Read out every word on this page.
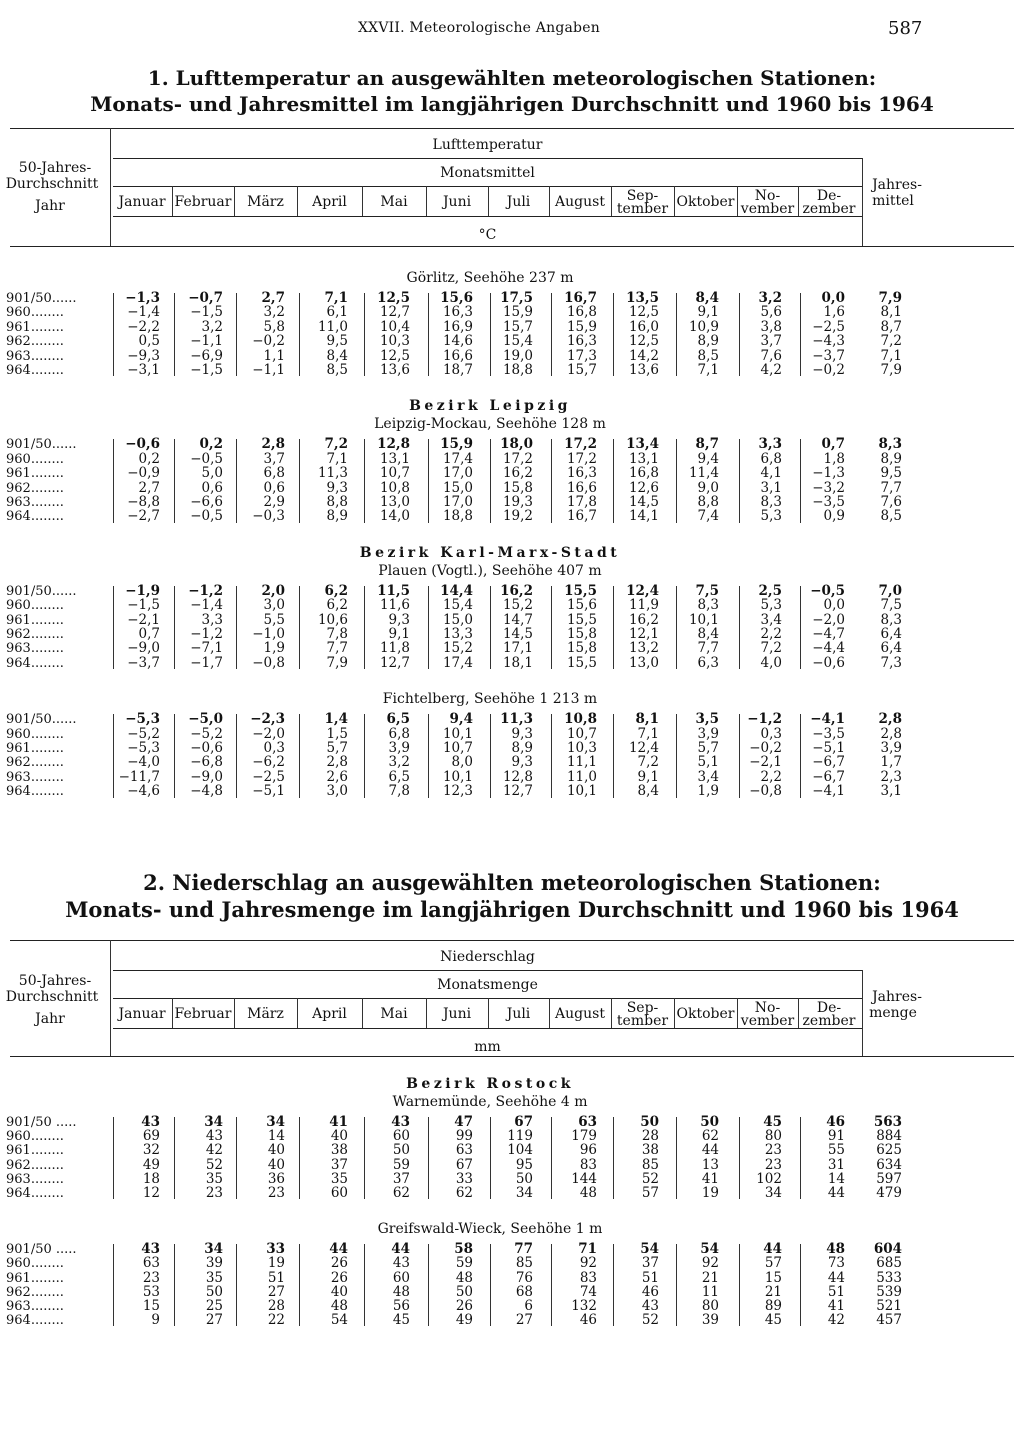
XXVII. Meteorologische Angaben	587
1. Lufttemperatur an ausgewählten meteorologischen Stationen:
Monats- und Jahresmittel im langjährigen Durchschnitt und 1960 bis 1964
Lufttemperatur
Monatsmittel
°C
50-Jahres-
Durchschnitt
Jahr
Jahres-
mittel
Januar Februar	März	April	Mai	Juni	Juli	August	Sep-
tember Oktober	No-
vember
De-
zember
Görlitz, Seehöhe 237 m
901/50......	−1,3 −0,7	2,7	7,1 12,5 15,6 17,5 16,7 13,5	8,4	3,2	0,0 7,9
960........	−1,4 −1,5	3,2	6,1 12,7 16,3 15,9	16,8 12,5	9,1	5,6	1,6	8,1
961........	−2,2	3,2	5,8 11,0 10,4 16,9 15,7	15,9 16,0 10,9	3,8 −2,5	8,7
962........	0,5 −1,1 −0,2	9,5 10,3 14,6 15,4	16,3 12,5	8,9	3,7 −4,3	7,2
963........	−9,3 −6,9	1,1	8,4 12,5 16,6 19,0	17,3 14,2	8,5	7,6 −3,7	7,1
964........	−3,1 −1,5 −1,1	8,5 13,6 18,7 18,8	15,7 13,6	7,1	4,2 −0,2	7,9
Bezirk Leipzig
Leipzig-Mockau, Seehöhe 128 m
901/50......	−0,6	0,2	2,8	7,2 12,8 15,9 18,0 17,2 13,4	8,7	3,3	0,7 8,3
960........	0,2 −0,5	3,7	7,1 13,1 17,4 17,2	17,2 13,1	9,4	6,8	1,8	8,9
961........	−0,9	5,0	6,8 11,3 10,7 17,0 16,2	16,3 16,8 11,4	4,1 −1,3	9,5
962........	2,7	0,6	0,6	9,3 10,8 15,0 15,8	16,6 12,6	9,0	3,1 −3,2	7,7
963........	−8,8 −6,6	2,9	8,8 13,0 17,0 19,3	17,8 14,5	8,8	8,3 −3,5	7,6
964........	−2,7 −0,5 −0,3	8,9 14,0 18,8 19,2	16,7 14,1	7,4	5,3	0,9	8,5
Bezirk Karl-Marx-Stadt
Plauen (Vogtl.), Seehöhe 407 m
901/50......	−1,9 −1,2	2,0	6,2 11,5 14,4 16,2 15,5 12,4	7,5	2,5 −0,5 7,0
960........	−1,5 −1,4	3,0	6,2 11,6 15,4 15,2	15,6 11,9	8,3	5,3	0,0	7,5
961........	−2,1	3,3	5,5 10,6	9,3 15,0 14,7	15,5 16,2 10,1	3,4 −2,0	8,3
962........	0,7 −1,2 −1,0	7,8	9,1 13,3 14,5	15,8 12,1	8,4	2,2 −4,7	6,4
963........	−9,0 −7,1	1,9	7,7 11,8 15,2 17,1	15,8 13,2	7,7	7,2 −4,4	6,4
964........	−3,7 −1,7 −0,8	7,9 12,7 17,4 18,1	15,5 13,0	6,3	4,0 −0,6	7,3
Fichtelberg, Seehöhe 1 213 m
901/50......	−5,3 −5,0 −2,3	1,4	6,5	9,4 11,3 10,8	8,1	3,5 −1,2 −4,1 2,8
960........	−5,2 −5,2 −2,0	1,5	6,8 10,1	9,3	10,7	7,1	3,9	0,3 −3,5	2,8
961........	−5,3 −0,6	0,3	5,7	3,9 10,7	8,9	10,3 12,4	5,7 −0,2 −5,1	3,9
962........	−4,0 −6,8 −6,2	2,8	3,2	8,0	9,3	11,1	7,2	5,1 −2,1 −6,7	1,7
963........	−11,7 −9,0 −2,5	2,6	6,5 10,1 12,8	11,0	9,1	3,4	2,2 −6,7	2,3
964........	−4,6 −4,8 −5,1	3,0	7,8 12,3 12,7	10,1	8,4	1,9 −0,8 −4,1	3,1
2. Niederschlag an ausgewählten meteorologischen Stationen:
Monats- und Jahresmenge im langjährigen Durchschnitt und 1960 bis 1964
Niederschlag
Monatsmenge
mm
50-Jahres-
Durchschnitt
Jahr
Jahres-
menge
Januar Februar	März	April	Mai	Juni	Juli	August	Sep-
tember Oktober	No-
vember
De-
zember
Bezirk Rostock
Warnemünde, Seehöhe 4 m
901/50 .....	43	34	34	41	43	47	67	63	50	50	45	46 563
960........	69	43	14	40	60	99	119	179	28	62	80	91 884
961........	32	42	40	38	50	63	104	96	38	44	23	55 625
962........	49	52	40	37	59	67	95	83	85	13	23	31 634
963........	18	35	36	35	37	33	50	144	52	41	102	14 597
964........	12	23	23	60	62	62	34	48	57	19	34	44 479
Greifswald-Wieck, Seehöhe 1 m
901/50 .....	43	34	33	44	44	58	77	71	54	54	44	48 604
960........	63	39	19	26	43	59	85	92	37	92	57	73 685
961........	23	35	51	26	60	48	76	83	51	21	15	44 533
962........	53	50	27	40	48	50	68	74	46	11	21	51 539
963........	15	25	28	48	56	26	6	132	43	80	89	41 521
964........	9	27	22	54	45	49	27	46	52	39	45	42 457
